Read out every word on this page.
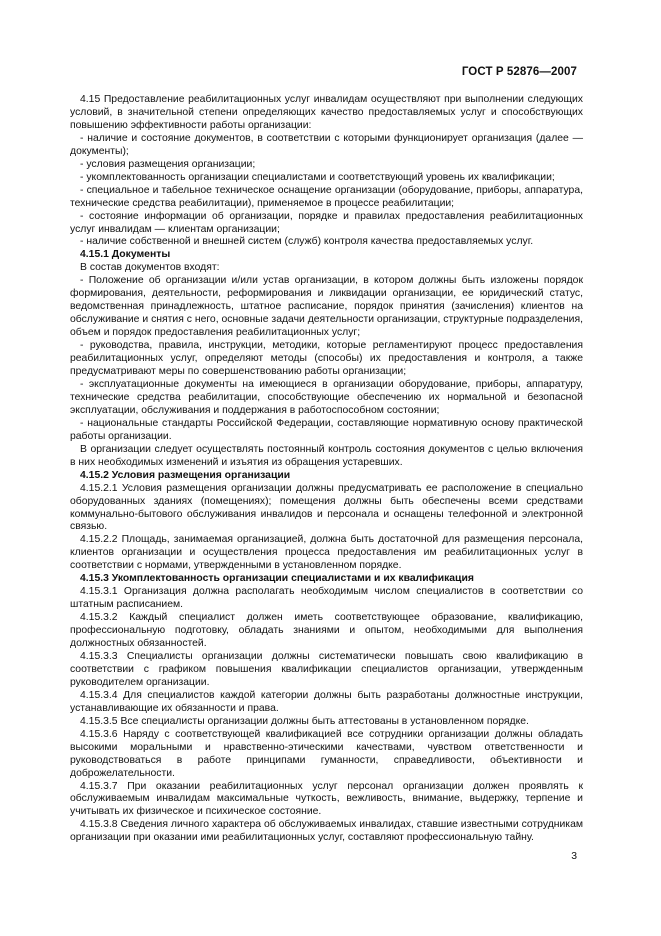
ГОСТ Р 52876—2007

4.15 Предоставление реабилитационных услуг инвалидам осуществляют при выполнении следующих условий, в значительной степени определяющих качество предоставляемых услуг и способствующих повышению эффективности работы организации:

- наличие и состояние документов, в соответствии с которыми функционирует организация (далее — документы);

- условия размещения организации;

- укомплектованность организации специалистами и соответствующий уровень их квалификации;

- специальное и табельное техническое оснащение организации (оборудование, приборы, аппаратура, технические средства реабилитации), применяемое в процессе реабилитации;

- состояние информации об организации, порядке и правилах предоставления реабилитационных услуг инвалидам — клиентам организации;

- наличие собственной и внешней систем (служб) контроля качества предоставляемых услуг.

4.15.1 Документы

В состав документов входят:

- Положение об организации и/или устав организации, в котором должны быть изложены порядок формирования, деятельности, реформирования и ликвидации организации, ее юридический статус, ведомственная принадлежность, штатное расписание, порядок принятия (зачисления) клиентов на обслуживание и снятия с него, основные задачи деятельности организации, структурные подразделения, объем и порядок предоставления реабилитационных услуг;

- руководства, правила, инструкции, методики, которые регламентируют процесс предоставления реабилитационных услуг, определяют методы (способы) их предоставления и контроля, а также предусматривают меры по совершенствованию работы организации;

- эксплуатационные документы на имеющиеся в организации оборудование, приборы, аппаратуру, технические средства реабилитации, способствующие обеспечению их нормальной и безопасной эксплуатации, обслуживания и поддержания в работоспособном состоянии;

- национальные стандарты Российской Федерации, составляющие нормативную основу практической работы организации.

В организации следует осуществлять постоянный контроль состояния документов с целью включения в них необходимых изменений и изъятия из обращения устаревших.

4.15.2 Условия размещения организации

4.15.2.1 Условия размещения организации должны предусматривать ее расположение в специально оборудованных зданиях (помещениях); помещения должны быть обеспечены всеми средствами коммунально-бытового обслуживания инвалидов и персонала и оснащены телефонной и электронной связью.

4.15.2.2 Площадь, занимаемая организацией, должна быть достаточной для размещения персонала, клиентов организации и осуществления процесса предоставления им реабилитационных услуг в соответствии с нормами, утвержденными в установленном порядке.

4.15.3 Укомплектованность организации специалистами и их квалификация

4.15.3.1 Организация должна располагать необходимым числом специалистов в соответствии со штатным расписанием.

4.15.3.2 Каждый специалист должен иметь соответствующее образование, квалификацию, профессиональную подготовку, обладать знаниями и опытом, необходимыми для выполнения должностных обязанностей.

4.15.3.3 Специалисты организации должны систематически повышать свою квалификацию в соответствии с графиком повышения квалификации специалистов организации, утвержденным руководителем организации.

4.15.3.4 Для специалистов каждой категории должны быть разработаны должностные инструкции, устанавливающие их обязанности и права.

4.15.3.5 Все специалисты организации должны быть аттестованы в установленном порядке.

4.15.3.6 Наряду с соответствующей квалификацией все сотрудники организации должны обладать высокими моральными и нравственно-этическими качествами, чувством ответственности и руководствоваться в работе принципами гуманности, справедливости, объективности и доброжелательности.

4.15.3.7 При оказании реабилитационных услуг персонал организации должен проявлять к обслуживаемым инвалидам максимальные чуткость, вежливость, внимание, выдержку, терпение и учитывать их физическое и психическое состояние.

4.15.3.8 Сведения личного характера об обслуживаемых инвалидах, ставшие известными сотрудникам организации при оказании ими реабилитационных услуг, составляют профессиональную тайну.

3
